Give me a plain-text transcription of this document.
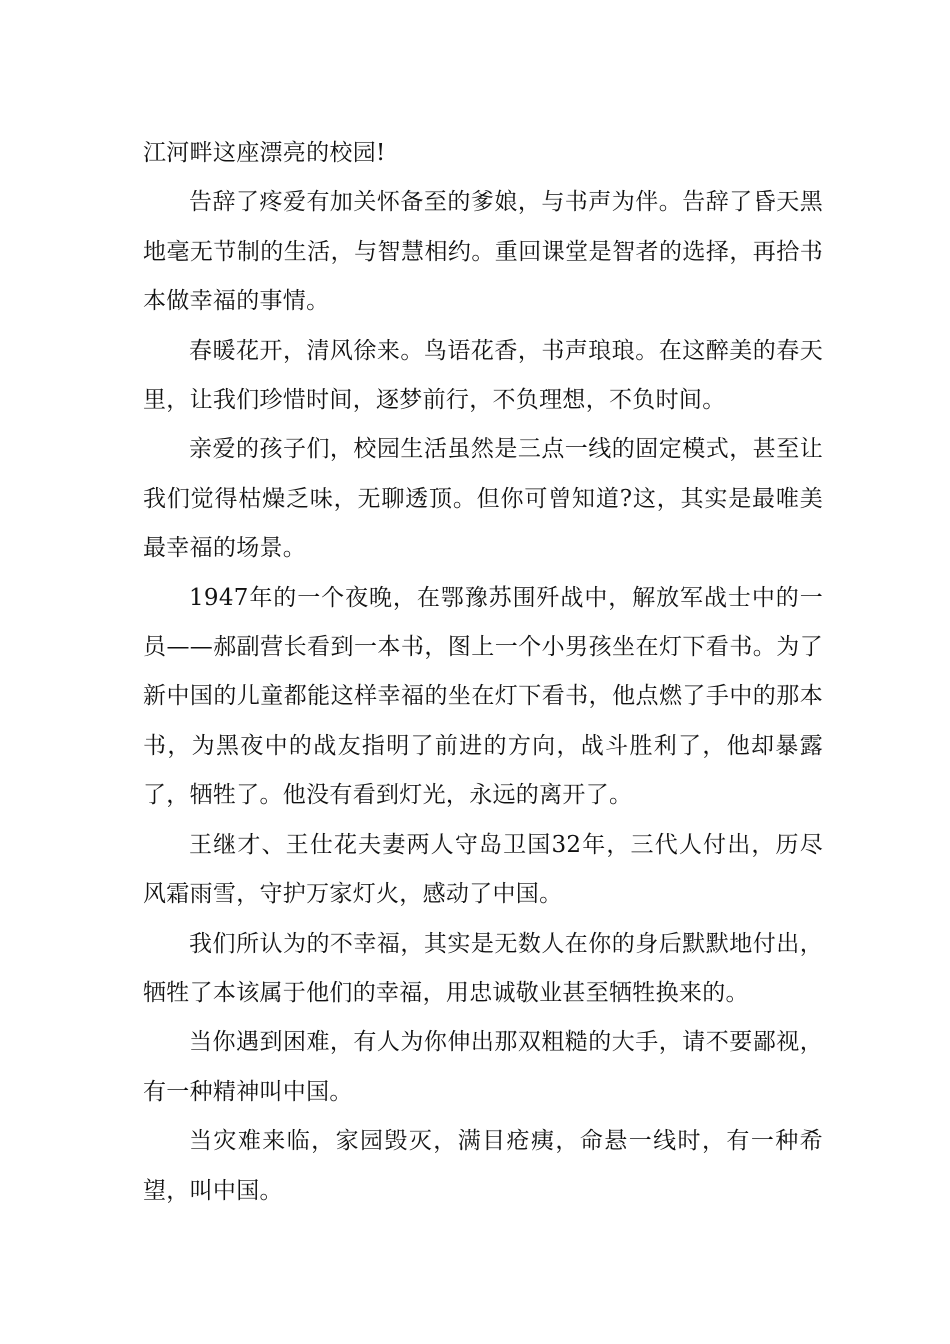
江河畔这座漂亮的校园!

告辞了疼爱有加关怀备至的爹娘，与书声为伴。告辞了昏天黑地毫无节制的生活，与智慧相约。重回课堂是智者的选择，再拾书本做幸福的事情。

春暖花开，清风徐来。鸟语花香，书声琅琅。在这醉美的春天里，让我们珍惜时间，逐梦前行，不负理想，不负时间。

亲爱的孩子们，校园生活虽然是三点一线的固定模式，甚至让我们觉得枯燥乏味，无聊透顶。但你可曾知道?这，其实是最唯美最幸福的场景。

1947年的一个夜晚，在鄂豫苏围歼战中，解放军战士中的一员——郝副营长看到一本书，图上一个小男孩坐在灯下看书。为了新中国的儿童都能这样幸福的坐在灯下看书，他点燃了手中的那本书，为黑夜中的战友指明了前进的方向，战斗胜利了，他却暴露了，牺牲了。他没有看到灯光，永远的离开了。

王继才、王仕花夫妻两人守岛卫国32年，三代人付出，历尽风霜雨雪，守护万家灯火，感动了中国。

我们所认为的不幸福，其实是无数人在你的身后默默地付出，牺牲了本该属于他们的幸福，用忠诚敬业甚至牺牲换来的。

当你遇到困难，有人为你伸出那双粗糙的大手，请不要鄙视，有一种精神叫中国。

当灾难来临，家园毁灭，满目疮痍，命悬一线时，有一种希望，叫中国。
